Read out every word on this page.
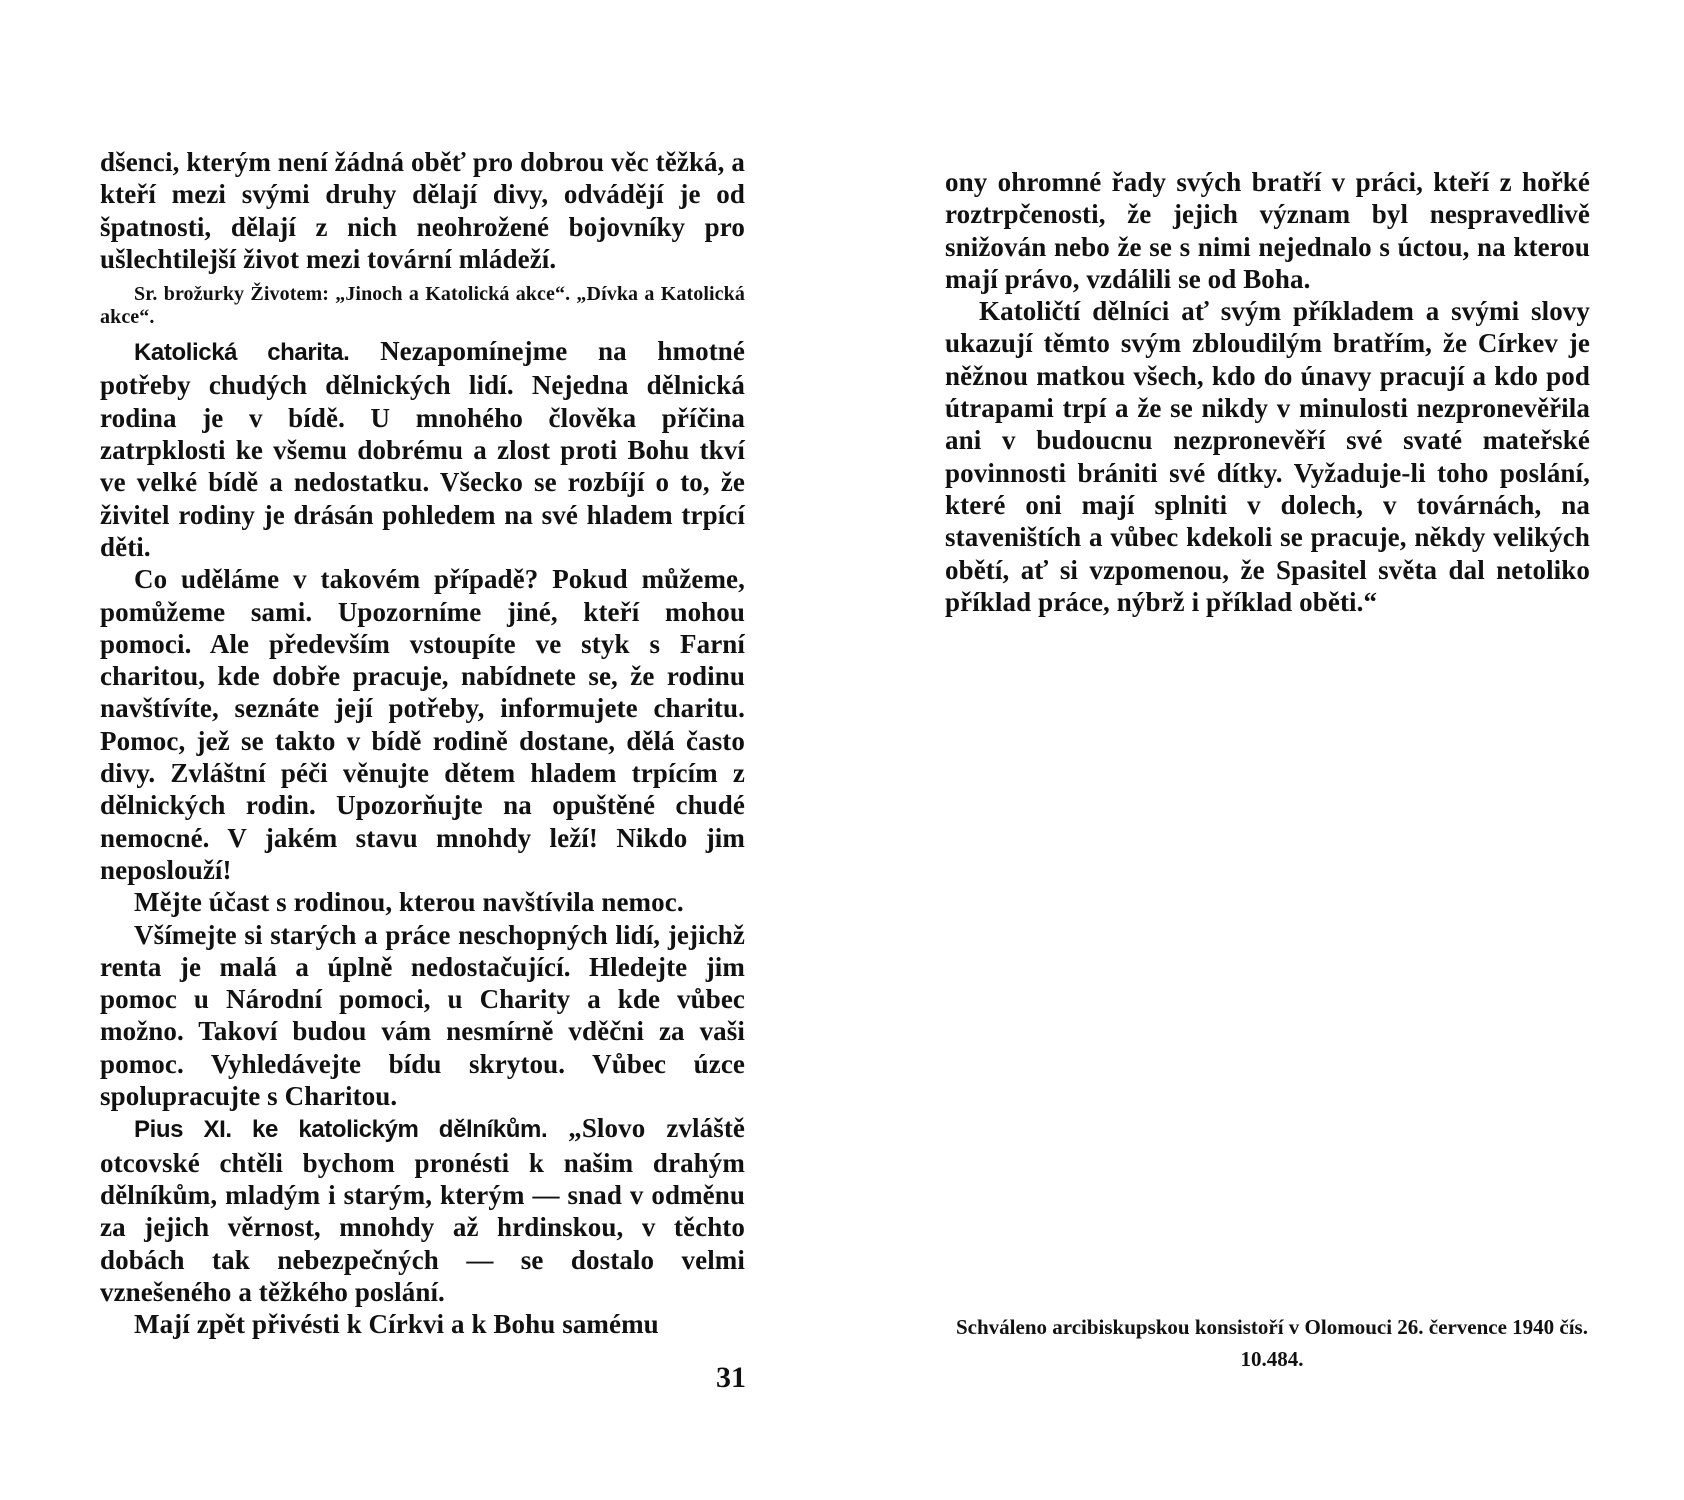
dšenci, kterým není žádná oběť pro dobrou věc těžká, a kteří mezi svými druhy dělají divy, odvádějí je od špatnosti, dělají z nich neohrožené bojovníky pro ušlechtilejší život mezi tovární mládeží.

Sr. brožurky Životem: „Jinoch a Katolická akce“. „Dívka a Katolická akce“.

Katolická charita. Nezapomínejme na hmotné potřeby chudých dělnických lidí. Nejedna dělnická rodina je v bídě. U mnohého člověka příčina zatrpklosti ke všemu dobrému a zlost proti Bohu tkví ve velké bídě a nedostatku. Všecko se rozbíjí o to, že živitel rodiny je drásán pohledem na své hladem trpící děti.

Co uděláme v takovém případě? Pokud můžeme, pomůžeme sami. Upozorníme jiné, kteří mohou pomoci. Ale především vstoupíte ve styk s Farní charitou, kde dobře pracuje, nabídnete se, že rodinu navštívíte, seznáte její potřeby, informujete charitu. Pomoc, jež se takto v bídě rodině dostane, dělá často divy. Zvláštní péči věnujte dětem hladem trpícím z dělnických rodin. Upozorňujte na opuštěné chudé nemocné. V jakém stavu mnohdy leží! Nikdo jim neposlouží!

Mějte účast s rodinou, kterou navštívila nemoc.

Všímejte si starých a práce neschopných lidí, jejichž renta je malá a úplně nedostačující. Hledejte jim pomoc u Národní pomoci, u Charity a kde vůbec možno. Takoví budou vám nesmírně vděčni za vaši pomoc. Vyhledávejte bídu skrytou. Vůbec úzce spolupracujte s Charitou.

Pius XI. ke katolickým dělníkům. „Slovo zvláště otcovské chtěli bychom pronésti k našim drahým dělníkům, mladým i starým, kterým — snad v odměnu za jejich věrnost, mnohdy až hrdinskou, v těchto dobách tak nebezpečných — se dostalo velmi vznešeného a těžkého poslání.

Mají zpět přivésti k Církvi a k Bohu samému

31

ony ohromné řady svých bratří v práci, kteří z hořké roztrpčenosti, že jejich význam byl nespravedlivě snižován nebo že se s nimi nejednalo s úctou, na kterou mají právo, vzdálili se od Boha.

Katoličtí dělníci ať svým příkladem a svými slovy ukazují těmto svým zbloudilým bratřím, že Církev je něžnou matkou všech, kdo do únavy pracují a kdo pod útrapami trpí a že se nikdy v minulosti nezpronevěřila ani v budoucnu nezpronevěří své svaté mateřské povinnosti brániti své dítky. Vyžaduje-li toho poslání, které oni mají splniti v dolech, v továrnách, na staveništích a vůbec kdekoli se pracuje, někdy velikých obětí, ať si vzpomenou, že Spasitel světa dal netoliko příklad práce, nýbrž i příklad oběti.“

Schváleno arcibiskupskou konsistoří v Olomouci 26. července 1940 čís. 10.484.
